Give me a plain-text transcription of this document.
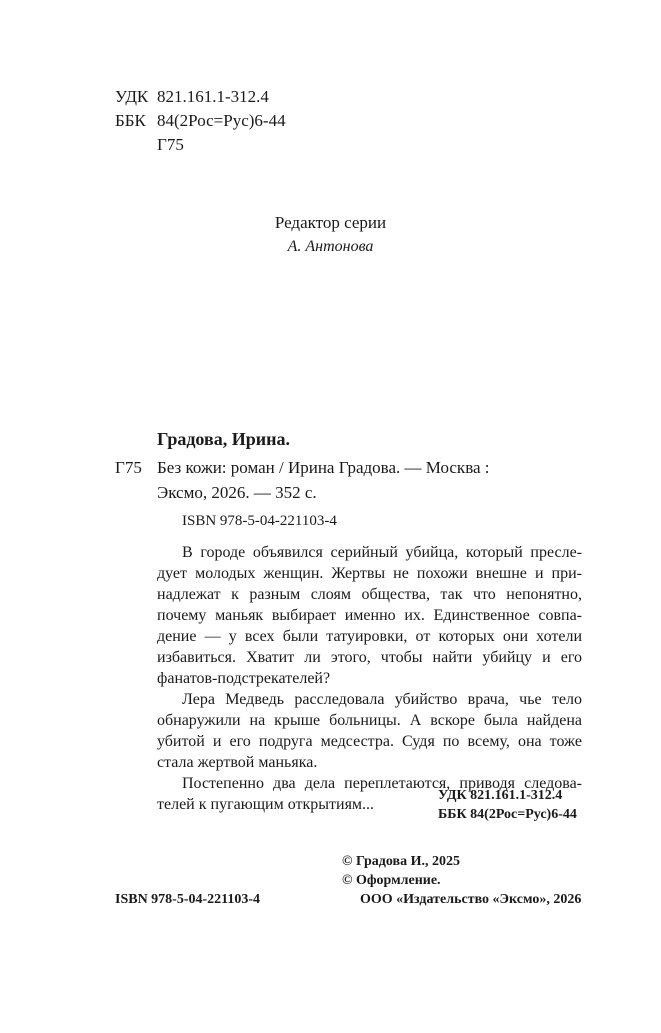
УДК 821.161.1-312.4
ББК 84(2Рос=Рус)6-44
Г75
Редактор серии
А. Антонова
Градова, Ирина.
Г75 Без кожи: роман / Ирина Градова. — Москва :
Эксмо, 2026. — 352 с.
ISBN 978-5-04-221103-4

В городе объявился серийный убийца, который преследует молодых женщин. Жертвы не похожи внешне и принадлежат к разным слоям общества, так что непонятно, почему маньяк выбирает именно их. Единственное совпадение — у всех были татуировки, от которых они хотели избавиться. Хватит ли этого, чтобы найти убийцу и его фанатов-подстрекателей?

Лера Медведь расследовала убийство врача, чье тело обнаружили на крыше больницы. А вскоре была найдена убитой и его подруга медсестра. Судя по всему, она тоже стала жертвой маньяка.

Постепенно два дела переплетаются, приводя следователей к пугающим открытиям...

УДК 821.161.1-312.4
ББК 84(2Рос=Рус)6-44
© Градова И., 2025
© Оформление.
ООО «Издательство «Эксмо», 2026
ISBN 978-5-04-221103-4
